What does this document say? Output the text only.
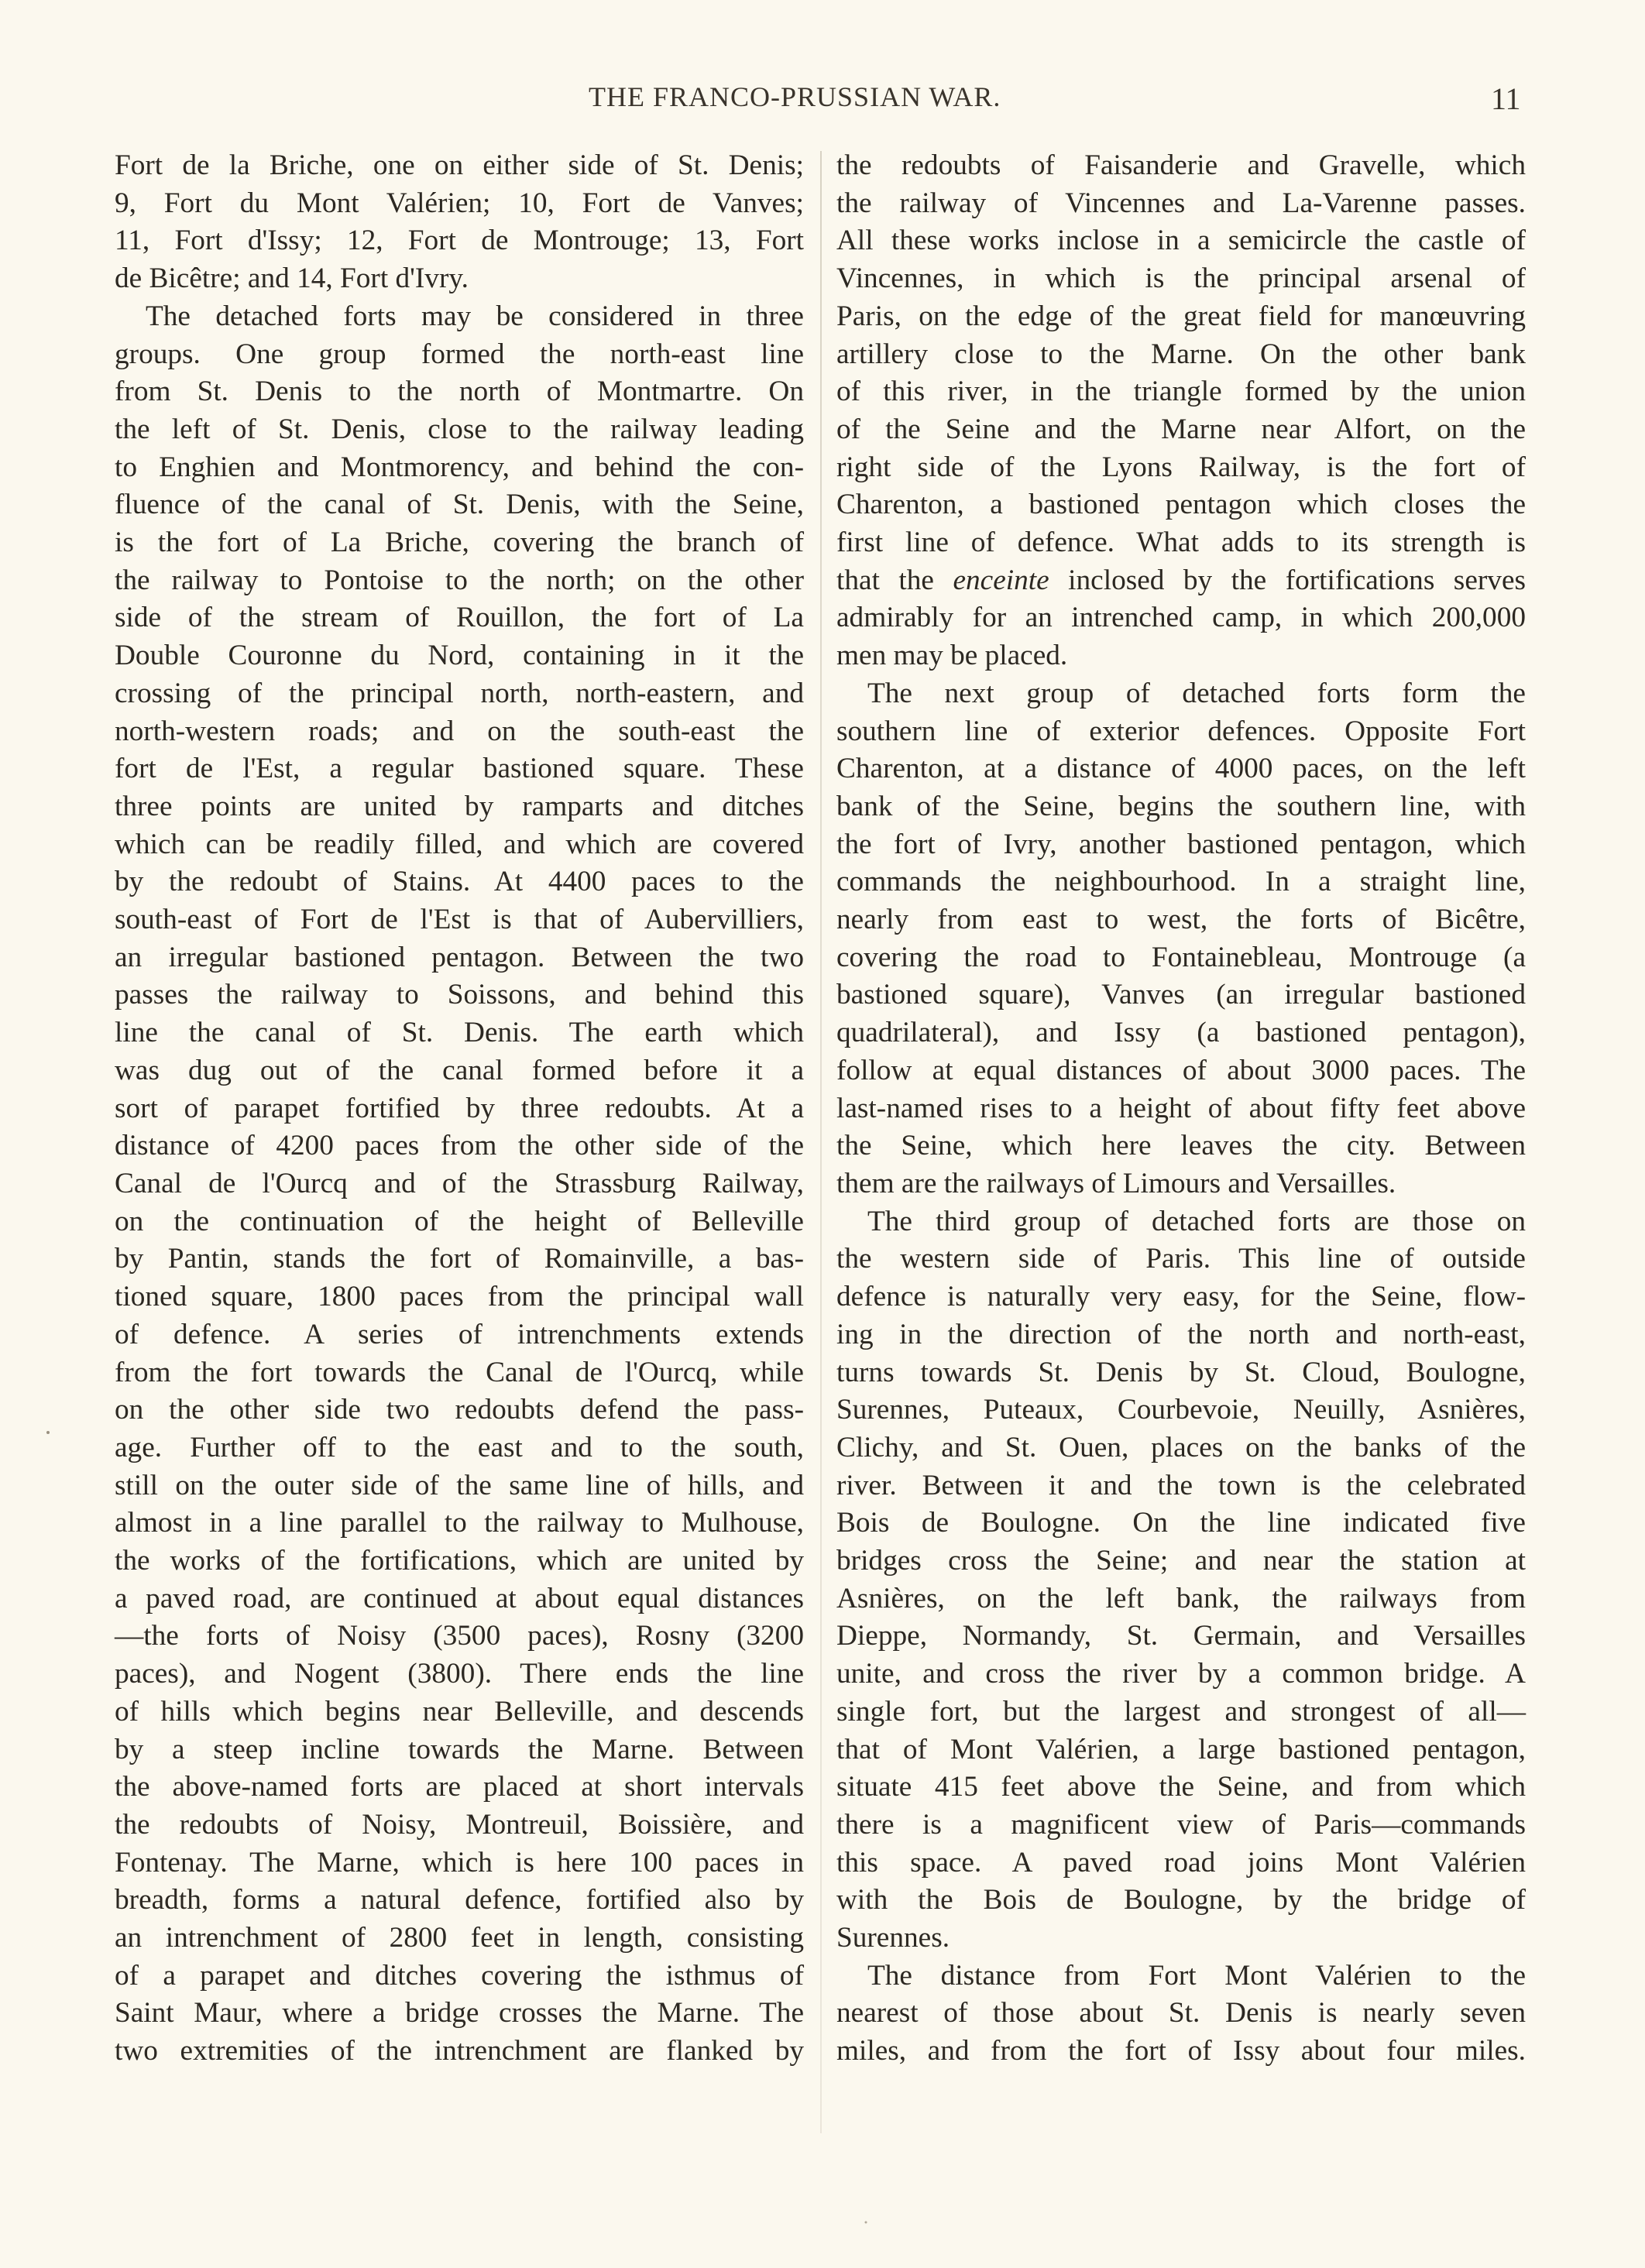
THE FRANCO-PRUSSIAN WAR.	11
Fort de la Briche, one on either side of St. Denis;
9, Fort du Mont Valérien; 10, Fort de Vanves;
11, Fort d'Issy; 12, Fort de Montrouge; 13, Fort
de Bicêtre; and 14, Fort d'Ivry.
The detached forts may be considered in three
groups. One group formed the north-east line
from St. Denis to the north of Montmartre. On
the left of St. Denis, close to the railway leading
to Enghien and Montmorency, and behind the con-
fluence of the canal of St. Denis, with the Seine,
is the fort of La Briche, covering the branch of
the railway to Pontoise to the north; on the other
side of the stream of Rouillon, the fort of La
Double Couronne du Nord, containing in it the
crossing of the principal north, north-eastern, and
north-western roads; and on the south-east the
fort de l'Est, a regular bastioned square. These
three points are united by ramparts and ditches
which can be readily filled, and which are covered
by the redoubt of Stains. At 4400 paces to the
south-east of Fort de l'Est is that of Aubervilliers,
an irregular bastioned pentagon. Between the two
passes the railway to Soissons, and behind this
line the canal of St. Denis. The earth which
was dug out of the canal formed before it a
sort of parapet fortified by three redoubts. At a
distance of 4200 paces from the other side of the
Canal de l'Ourcq and of the Strassburg Railway,
on the continuation of the height of Belleville
by Pantin, stands the fort of Romainville, a bas-
tioned square, 1800 paces from the principal wall
of defence. A series of intrenchments extends
from the fort towards the Canal de l'Ourcq, while
on the other side two redoubts defend the pass-
age. Further off to the east and to the south,
still on the outer side of the same line of hills, and
almost in a line parallel to the railway to Mulhouse,
the works of the fortifications, which are united by
a paved road, are continued at about equal distances
—the forts of Noisy (3500 paces), Rosny (3200
paces), and Nogent (3800). There ends the line
of hills which begins near Belleville, and descends
by a steep incline towards the Marne. Between
the above-named forts are placed at short intervals
the redoubts of Noisy, Montreuil, Boissière, and
Fontenay. The Marne, which is here 100 paces in
breadth, forms a natural defence, fortified also by
an intrenchment of 2800 feet in length, consisting
of a parapet and ditches covering the isthmus of
Saint Maur, where a bridge crosses the Marne. The
two extremities of the intrenchment are flanked by
the redoubts of Faisanderie and Gravelle, which
the railway of Vincennes and La-Varenne passes.
All these works inclose in a semicircle the castle of
Vincennes, in which is the principal arsenal of
Paris, on the edge of the great field for manœuvring
artillery close to the Marne. On the other bank
of this river, in the triangle formed by the union
of the Seine and the Marne near Alfort, on the
right side of the Lyons Railway, is the fort of
Charenton, a bastioned pentagon which closes the
first line of defence. What adds to its strength is
that the enceinte inclosed by the fortifications serves
admirably for an intrenched camp, in which 200,000
men may be placed.
The next group of detached forts form the
southern line of exterior defences. Opposite Fort
Charenton, at a distance of 4000 paces, on the left
bank of the Seine, begins the southern line, with
the fort of Ivry, another bastioned pentagon, which
commands the neighbourhood. In a straight line,
nearly from east to west, the forts of Bicêtre,
covering the road to Fontainebleau, Montrouge (a
bastioned square), Vanves (an irregular bastioned
quadrilateral), and Issy (a bastioned pentagon),
follow at equal distances of about 3000 paces. The
last-named rises to a height of about fifty feet above
the Seine, which here leaves the city. Between
them are the railways of Limours and Versailles.
The third group of detached forts are those on
the western side of Paris. This line of outside
defence is naturally very easy, for the Seine, flow-
ing in the direction of the north and north-east,
turns towards St. Denis by St. Cloud, Boulogne,
Surennes, Puteaux, Courbevoie, Neuilly, Asnières,
Clichy, and St. Ouen, places on the banks of the
river. Between it and the town is the celebrated
Bois de Boulogne. On the line indicated five
bridges cross the Seine; and near the station at
Asnières, on the left bank, the railways from
Dieppe, Normandy, St. Germain, and Versailles
unite, and cross the river by a common bridge. A
single fort, but the largest and strongest of all—
that of Mont Valérien, a large bastioned pentagon,
situate 415 feet above the Seine, and from which
there is a magnificent view of Paris—commands
this space. A paved road joins Mont Valérien
with the Bois de Boulogne, by the bridge of
Surennes.
The distance from Fort Mont Valérien to the
nearest of those about St. Denis is nearly seven
miles, and from the fort of Issy about four miles.
